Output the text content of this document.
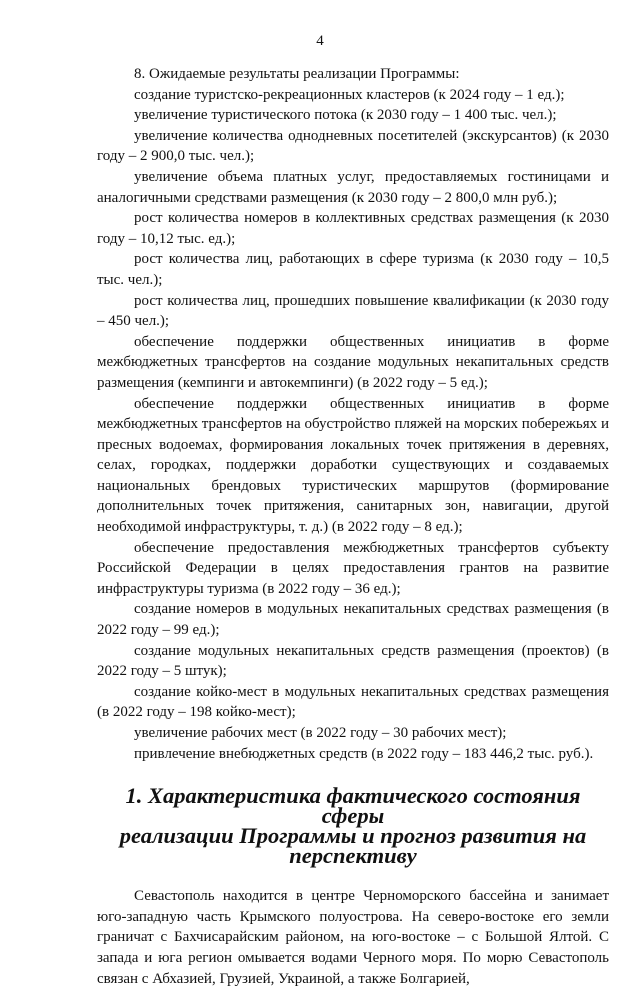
4

8. Ожидаемые результаты реализации Программы:

создание туристско-рекреационных кластеров (к 2024 году – 1 ед.);

увеличение туристического потока (к 2030 году – 1 400 тыс. чел.);

увеличение количества однодневных посетителей (экскурсантов) (к 2030 году – 2 900,0 тыс. чел.);

увеличение объема платных услуг, предоставляемых гостиницами и аналогичными средствами размещения (к 2030 году – 2 800,0 млн руб.);

рост количества номеров в коллективных средствах размещения (к 2030 году – 10,12 тыс. ед.);

рост количества лиц, работающих в сфере туризма (к 2030 году – 10,5 тыс. чел.);

рост количества лиц, прошедших повышение квалификации (к 2030 году – 450 чел.);

обеспечение поддержки общественных инициатив в форме межбюджетных трансфертов на создание модульных некапитальных средств размещения (кемпинги и автокемпинги) (в 2022 году – 5 ед.);

обеспечение поддержки общественных инициатив в форме межбюджетных трансфертов на обустройство пляжей на морских побережьях и пресных водоемах, формирования локальных точек притяжения в деревнях, селах, городках, поддержки доработки существующих и создаваемых национальных брендовых туристических маршрутов (формирование дополнительных точек притяжения, санитарных зон, навигации, другой необходимой инфраструктуры, т. д.) (в 2022 году – 8 ед.);

обеспечение предоставления межбюджетных трансфертов субъекту Российской Федерации в целях предоставления грантов на развитие инфраструктуры туризма (в 2022 году – 36 ед.);

создание номеров в модульных некапитальных средствах размещения (в 2022 году – 99 ед.);

создание модульных некапитальных средств размещения (проектов) (в 2022 году – 5 штук);

создание койко-мест в модульных некапитальных средствах размещения (в 2022 году – 198 койко-мест);

увеличение рабочих мест (в 2022 году – 30 рабочих мест);

привлечение внебюджетных средств (в 2022 году – 183 446,2 тыс. руб.).

1. Характеристика фактического состояния сферы
реализации Программы и прогноз развития на перспективу

Севастополь находится в центре Черноморского бассейна и занимает юго-западную часть Крымского полуострова. На северо-востоке его земли граничат с Бахчисарайским районом, на юго-востоке – с Большой Ялтой. С запада и юга регион омывается водами Черного моря. По морю Севастополь связан с Абхазией, Грузией, Украиной, а также Болгарией,
